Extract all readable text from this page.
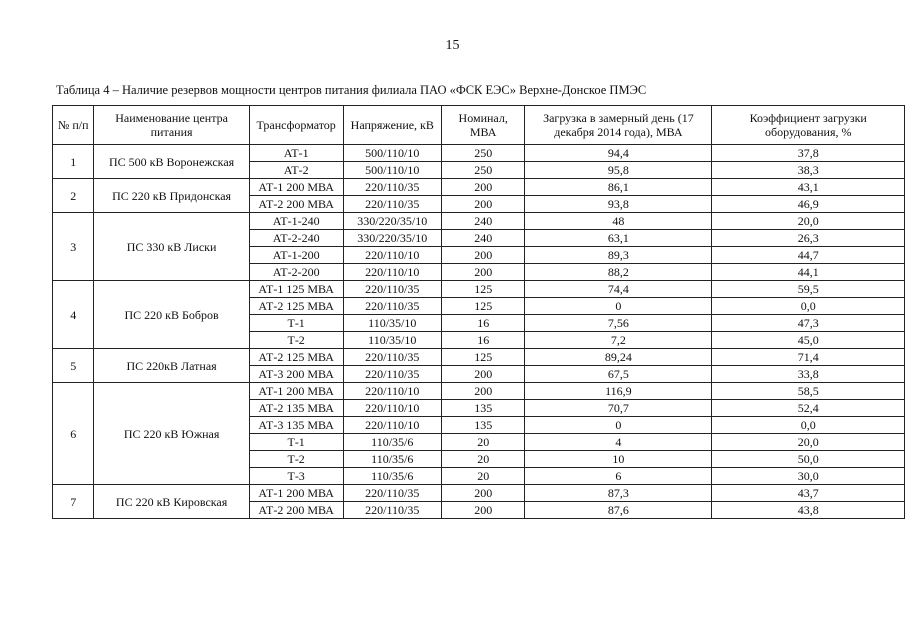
15
Таблица 4 – Наличие резервов мощности центров питания филиала ПАО «ФСК ЕЭС» Верхне-Донское ПМЭС
№ п/п	Наименование центра питания	Трансформатор	Напряжение, кВ	Номинал, МВА	Загрузка в замерный день (17 декабря 2014 года), МВА	Коэффициент загрузки оборудования, %
1	ПС 500 кВ Воронежская	АТ-1	500/110/10	250	94,4	37,8
		АТ-2	500/110/10	250	95,8	38,3
2	ПС 220 кВ Придонская	АТ-1 200 МВА	220/110/35	200	86,1	43,1
		АТ-2 200 МВА	220/110/35	200	93,8	46,9
3	ПС 330 кВ Лиски	АТ-1-240	330/220/35/10	240	48	20,0
		АТ-2-240	330/220/35/10	240	63,1	26,3
		АТ-1-200	220/110/10	200	89,3	44,7
		АТ-2-200	220/110/10	200	88,2	44,1
4	ПС 220 кВ Бобров	АТ-1 125 МВА	220/110/35	125	74,4	59,5
		АТ-2 125 МВА	220/110/35	125	0	0,0
		Т-1	110/35/10	16	7,56	47,3
		Т-2	110/35/10	16	7,2	45,0
5	ПС 220кВ Латная	АТ-2 125 МВА	220/110/35	125	89,24	71,4
		АТ-3 200 МВА	220/110/35	200	67,5	33,8
6	ПС 220 кВ Южная	АТ-1 200 МВА	220/110/10	200	116,9	58,5
		АТ-2 135 МВА	220/110/10	135	70,7	52,4
		АТ-3 135 МВА	220/110/10	135	0	0,0
		Т-1	110/35/6	20	4	20,0
		Т-2	110/35/6	20	10	50,0
		Т-3	110/35/6	20	6	30,0
7	ПС 220 кВ Кировская	АТ-1 200 МВА	220/110/35	200	87,3	43,7
		АТ-2 200 МВА	220/110/35	200	87,6	43,8
